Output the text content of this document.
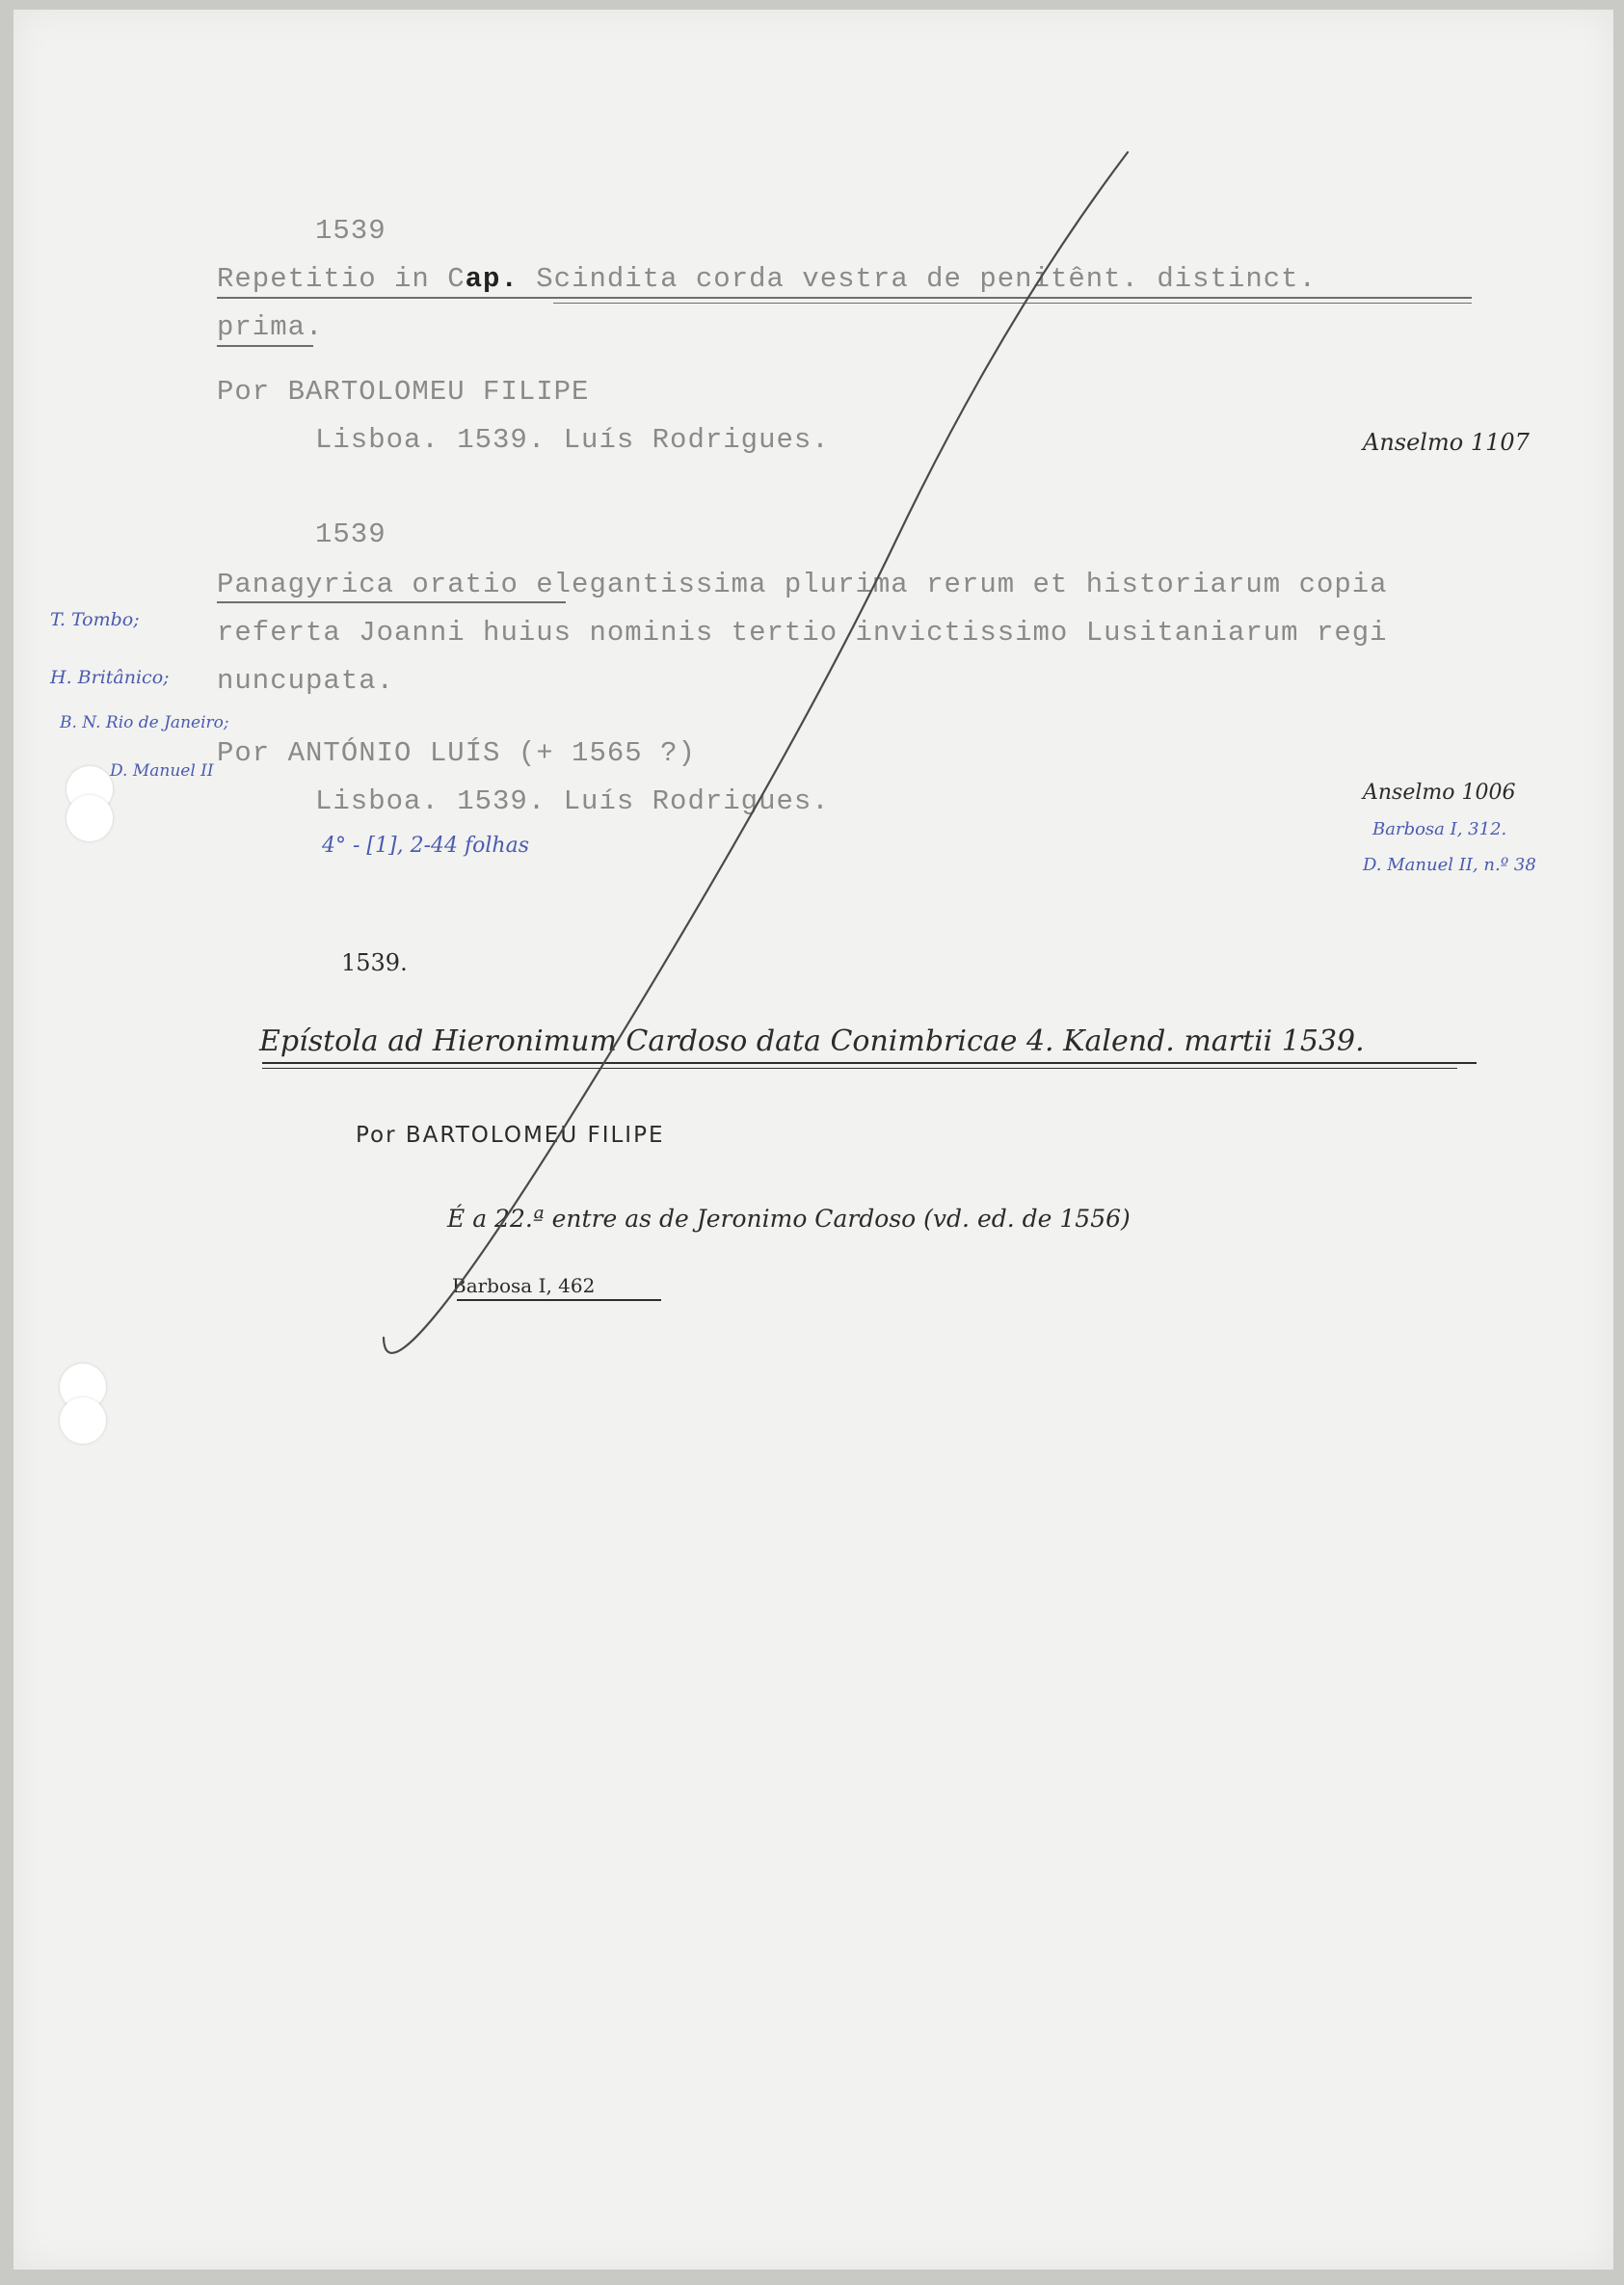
1539
Repetitio in Cap. Scindita corda vestra de penitênt. distinct.
prima.
Por BARTOLOMEU FILIPE
Lisboa. 1539. Luís Rodrigues.	Anselmo 1107
1539
Panagyrica oratio elegantissima plurima rerum et historiarum copia
referta Joanni huius nominis tertio invictissimo Lusitaniarum regi
nuncupata.
T. Tombo;
H. Britânico;
B. N. Rio de Janeiro;
D. Manuel II
Por ANTÓNIO LUÍS (+ 1565 ?)
Lisboa. 1539. Luís Rodrigues.
4° - [1], 2-44 folhas
Anselmo 1006
Barbosa I, 312.
D. Manuel II, n.º 38
1539.
Epístola ad Hieronimum Cardoso data Conimbricae 4. Kalend. martii 1539.
Por BARTOLOMEU FILIPE
É a 22.ª entre as de Jeronimo Cardoso (vd. ed. de 1556)
Barbosa I, 462
